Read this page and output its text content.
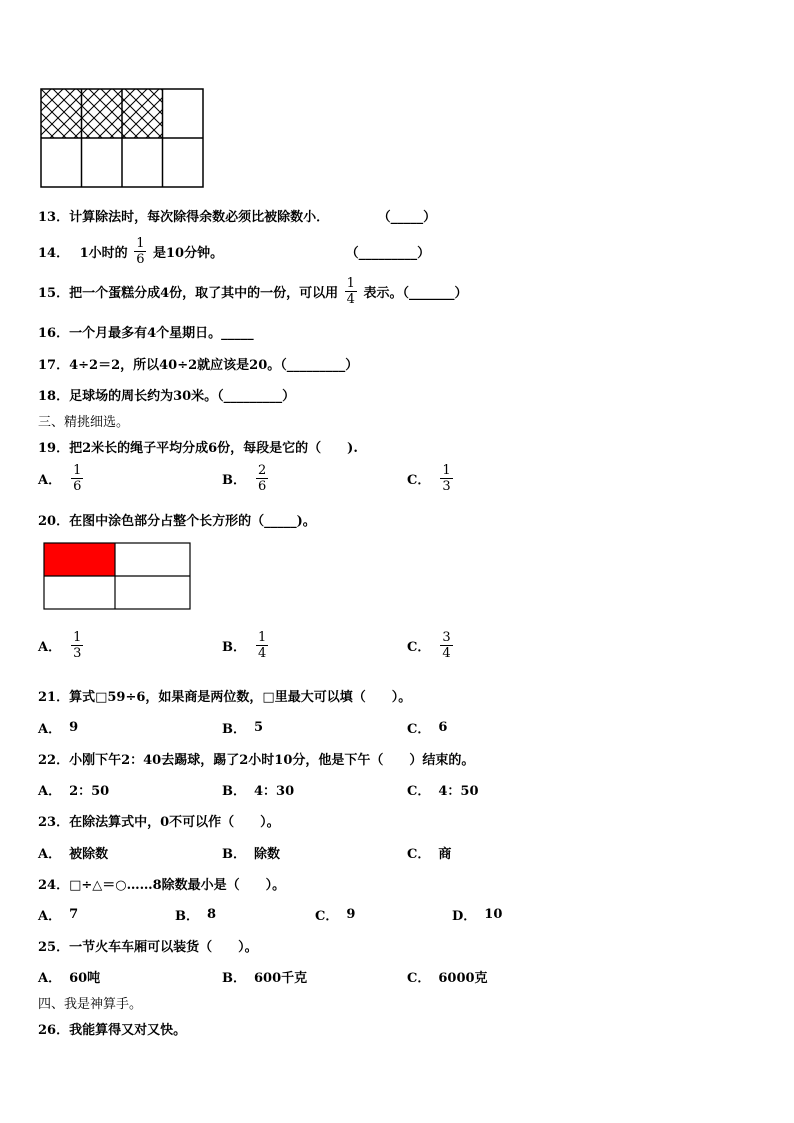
13．计算除法时，每次除得余数必须比被除数小．	（_____）
14． 1小时的 $\frac{1}{6}$ 是10分钟。	（_________）
15．把一个蛋糕分成4份，取了其中的一份，可以用 $\frac{1}{4}$ 表示。（_______）
16．一个月最多有4个星期日。_____
17．4÷2＝2，所以40÷2就应该是20。（_________）
18．足球场的周长约为30米。（_________）
三、精挑细选。
19．把2米长的绳子平均分成6份，每段是它的（　　).
A． $\frac{1}{6}$	B． $\frac{2}{6}$	C． $\frac{1}{3}$
20．在图中涂色部分占整个长方形的（_____)。
A． $\frac{1}{3}$	B． $\frac{1}{4}$	C． $\frac{3}{4}$
21．算式□59÷6，如果商是两位数，□里最大可以填（　　）。
A． 9	B． 5	C． 6
22．小刚下午2：40去踢球，踢了2小时10分，他是下午（　　）结束的。
A． 2：50	B． 4：30	C． 4：50
23．在除法算式中，0不可以作（　　）。
A． 被除数	B． 除数	C． 商
24．□÷△＝○……8除数最小是（　　）。
A． 7	B． 8	C． 9	D． 10
25．一节火车车厢可以装货（　　）。
A． 60吨	B． 600千克	C． 6000克
四、我是神算手。
26．我能算得又对又快。
